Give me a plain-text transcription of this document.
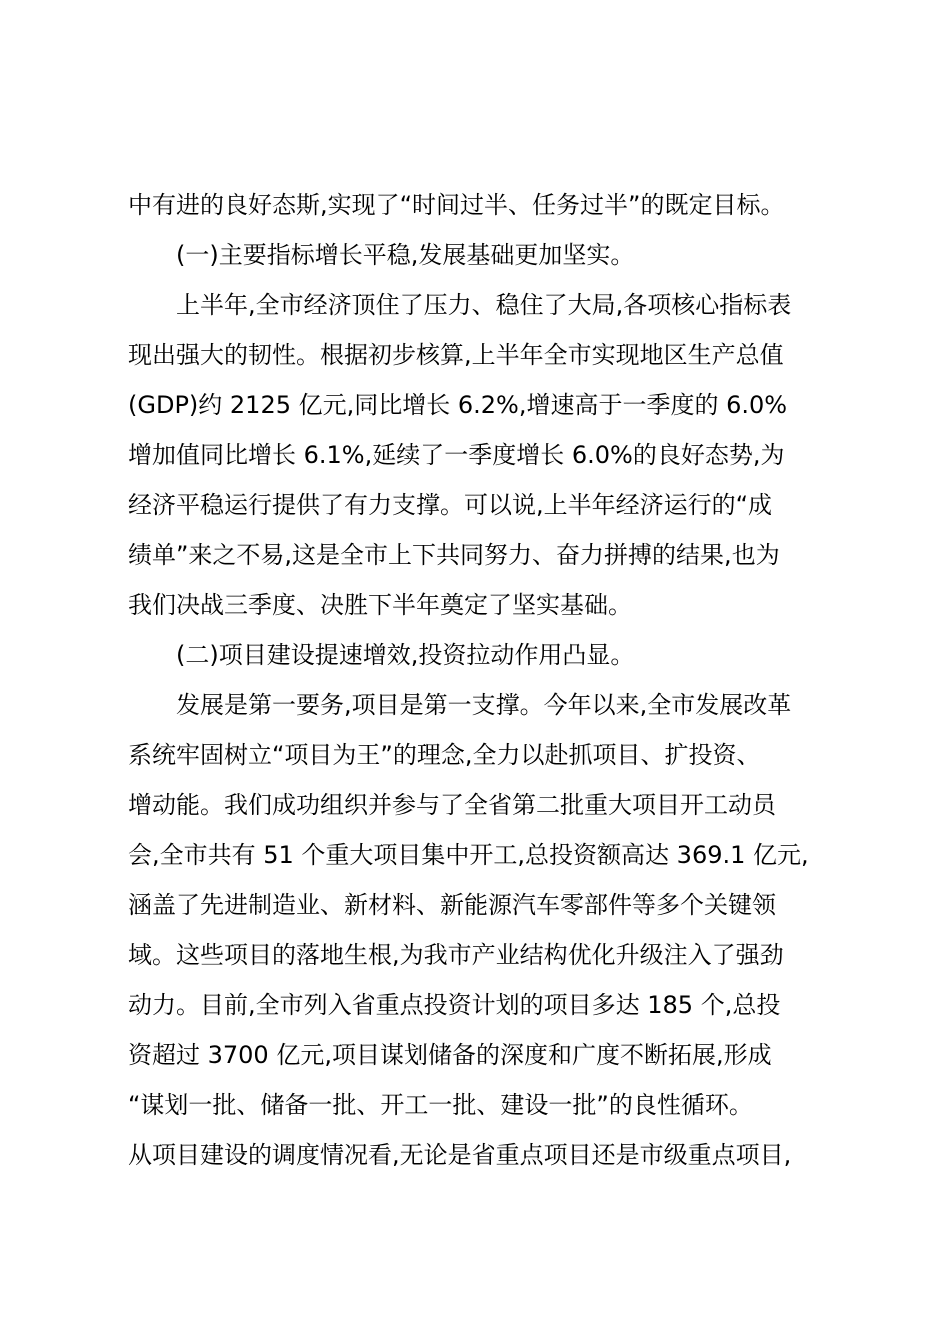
中有进的良好态斯,实现了“时间过半、任务过半”的既定目标。
(一)主要指标增长平稳,发展基础更加坚实。
上半年,全市经济顶住了压力、稳住了大局,各项核心指标表
现出强大的韧性。根据初步核算,上半年全市实现地区生产总值
(GDP)约 2125 亿元,同比增长 6.2%,增速高于一季度的 6.0%
增加值同比增长 6.1%,延续了一季度增长 6.0%的良好态势,为
经济平稳运行提供了有力支撑。可以说,上半年经济运行的“成
绩单”来之不易,这是全市上下共同努力、奋力拼搏的结果,也为
我们决战三季度、决胜下半年奠定了坚实基础。
(二)项目建设提速增效,投资拉动作用凸显。
发展是第一要务,项目是第一支撑。今年以来,全市发展改革
系统牢固树立“项目为王”的理念,全力以赴抓项目、扩投资、
增动能。我们成功组织并参与了全省第二批重大项目开工动员
会,全市共有 51 个重大项目集中开工,总投资额高达 369.1 亿元,
涵盖了先进制造业、新材料、新能源汽车零部件等多个关键领
域。这些项目的落地生根,为我市产业结构优化升级注入了强劲
动力。目前,全市列入省重点投资计划的项目多达 185 个,总投
资超过 3700 亿元,项目谋划储备的深度和广度不断拓展,形成
“谋划一批、储备一批、开工一批、建设一批”的良性循环。
从项目建设的调度情况看,无论是省重点项目还是市级重点项目,
